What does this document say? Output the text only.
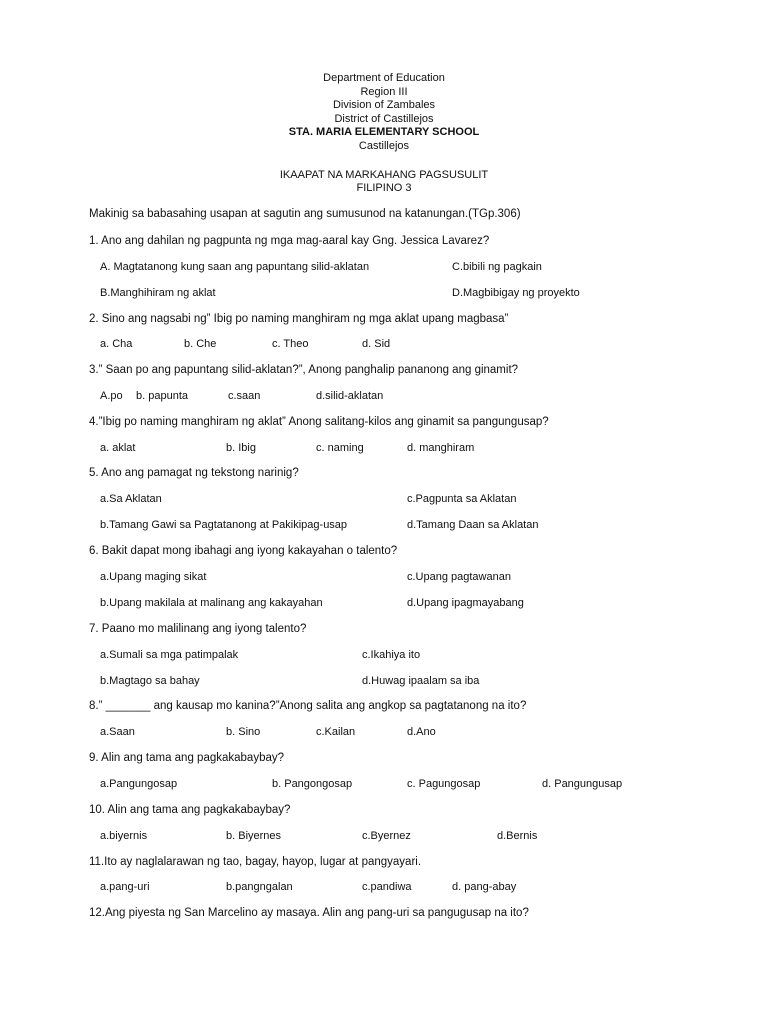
Department of Education
Region III
Division of Zambales
District of Castillejos
STA. MARIA ELEMENTARY SCHOOL
Castillejos
IKAAPAT NA MARKAHANG PAGSUSULIT
FILIPINO 3
Makinig sa babasahing usapan at sagutin ang sumusunod na katanungan.(TGp.306)
1. Ano ang dahilan ng pagpunta ng mga mag-aaral kay Gng. Jessica Lavarez?
A. Magtatanong kung saan ang papuntang silid-aklatan	C.bibili ng pagkain
B.Manghihiram ng aklat	D.Magbibigay ng proyekto
2. Sino ang nagsabi ng” Ibig po naming manghiram ng mga aklat upang magbasa”
a. Cha	b. Che	c. Theo	d. Sid
3.” Saan po ang papuntang silid-aklatan?”, Anong panghalip pananong ang ginamit?
A.po b. papunta	c.saan	d.silid-aklatan
4.”Ibig po naming manghiram ng aklat” Anong salitang-kilos ang ginamit sa pangungusap?
a. aklat	b. Ibig	c. naming	d. manghiram
5. Ano ang pamagat ng tekstong narinig?
a.Sa Aklatan	c.Pagpunta sa Aklatan
b.Tamang Gawi sa Pagtatanong at Pakikipag-usap	d.Tamang Daan sa Aklatan
6. Bakit dapat mong ibahagi ang iyong kakayahan o talento?
a.Upang maging sikat	c.Upang pagtawanan
b.Upang makilala at malinang ang kakayahan	d.Upang ipagmayabang
7. Paano mo malilinang ang iyong talento?
a.Sumali sa mga patimpalak	c.Ikahiya ito
b.Magtago sa bahay	d.Huwag ipaalam sa iba
8.” _______ ang kausap mo kanina?”Anong salita ang angkop sa pagtatanong na ito?
a.Saan	b. Sino	c.Kailan	d.Ano
9. Alin ang tama ang pagkakabaybay?
a.Pangungosap	b. Pangongosap	c. Pagungosap	d. Pangungusap
10. Alin ang tama ang pagkakabaybay?
a.biyernis	b. Biyernes	c.Byernez	d.Bernis
11.Ito ay naglalarawan ng tao, bagay, hayop, lugar at pangyayari.
a.pang-uri	b.pangngalan	c.pandiwa	d. pang-abay
12.Ang piyesta ng San Marcelino ay masaya. Alin ang pang-uri sa pangugusap na ito?
